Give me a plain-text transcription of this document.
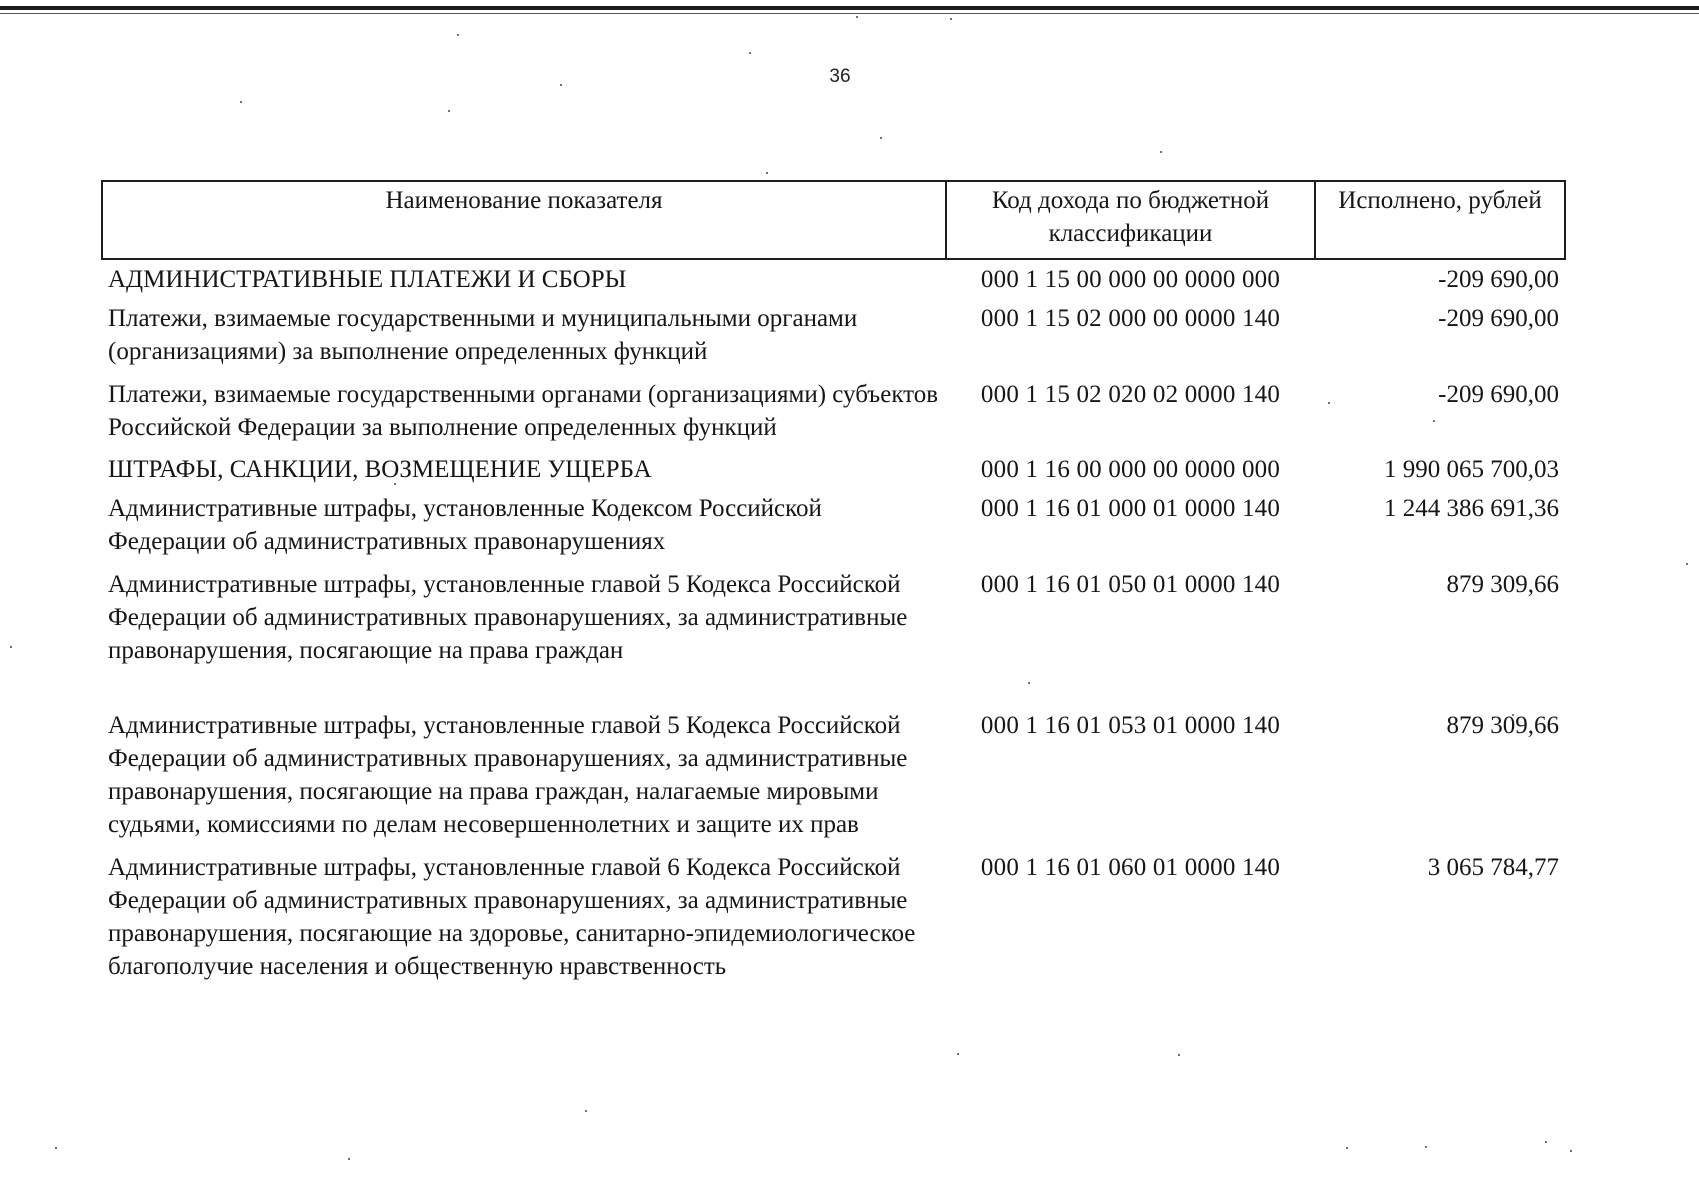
36
Наименование показателя	Код дохода по бюджетной классификации	Исполнено, рублей
АДМИНИСТРАТИВНЫЕ ПЛАТЕЖИ И СБОРЫ	000 1 15 00 000 00 0000 000	-209 690,00
Платежи, взимаемые государственными и муниципальными органами (организациями) за выполнение определенных функций	000 1 15 02 000 00 0000 140	-209 690,00
Платежи, взимаемые государственными органами (организациями) субъектов Российской Федерации за выполнение определенных функций	000 1 15 02 020 02 0000 140	-209 690,00
ШТРАФЫ, САНКЦИИ, ВОЗМЕЩЕНИЕ УЩЕРБА	000 1 16 00 000 00 0000 000	1 990 065 700,03
Административные штрафы, установленные Кодексом Российской Федерации об административных правонарушениях	000 1 16 01 000 01 0000 140	1 244 386 691,36
Административные штрафы, установленные главой 5 Кодекса Российской Федерации об административных правонарушениях, за административные правонарушения, посягающие на права граждан	000 1 16 01 050 01 0000 140	879 309,66
Административные штрафы, установленные главой 5 Кодекса Российской Федерации об административных правонарушениях, за административные правонарушения, посягающие на права граждан, налагаемые мировыми судьями, комиссиями по делам несовершеннолетних и защите их прав	000 1 16 01 053 01 0000 140	879 309,66
Административные штрафы, установленные главой 6 Кодекса Российской Федерации об административных правонарушениях, за административные правонарушения, посягающие на здоровье, санитарно-эпидемиологическое благополучие населения и общественную нравственность	000 1 16 01 060 01 0000 140	3 065 784,77
